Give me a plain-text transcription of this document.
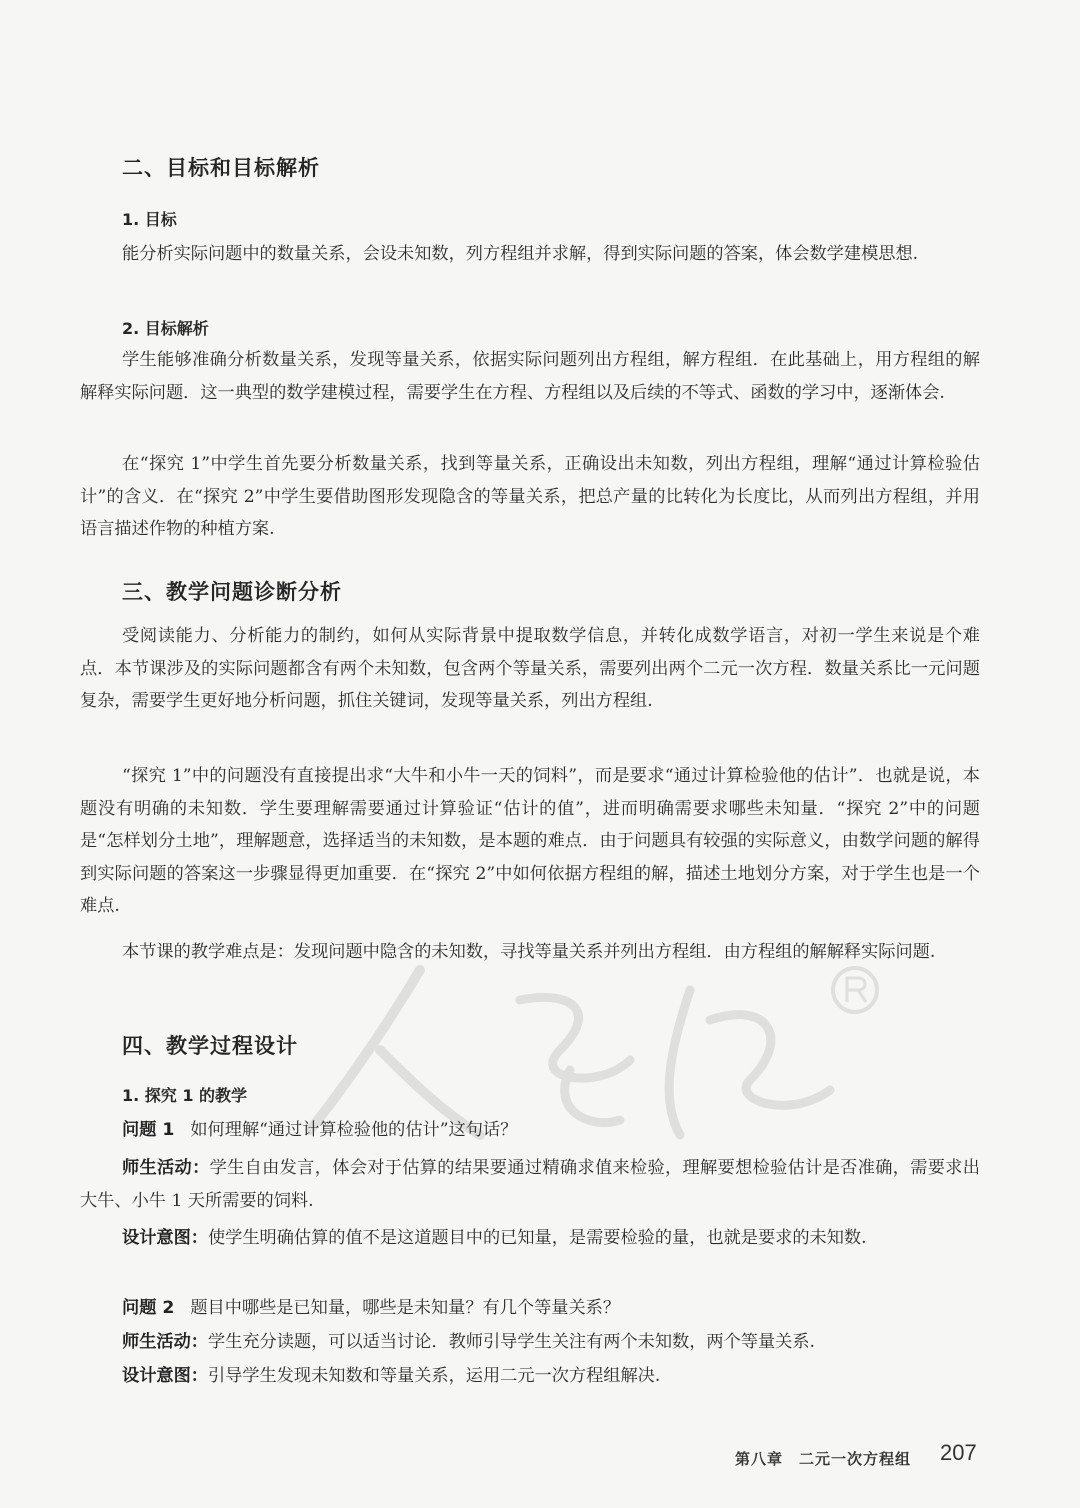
二、目标和目标解析
1. 目标

能分析实际问题中的数量关系，会设未知数，列方程组并求解，得到实际问题的答案，体会数学建模思想.

2. 目标解析

学生能够准确分析数量关系，发现等量关系，依据实际问题列出方程组，解方程组．在此基础上，用方程组的解解释实际问题．这一典型的数学建模过程，需要学生在方程、方程组以及后续的不等式、函数的学习中，逐渐体会.

在“探究 1”中学生首先要分析数量关系，找到等量关系，正确设出未知数，列出方程组，理解“通过计算检验估计”的含义．在“探究 2”中学生要借助图形发现隐含的等量关系，把总产量的比转化为长度比，从而列出方程组，并用语言描述作物的种植方案.

三、教学问题诊断分析

受阅读能力、分析能力的制约，如何从实际背景中提取数学信息，并转化成数学语言，对初一学生来说是个难点．本节课涉及的实际问题都含有两个未知数，包含两个等量关系，需要列出两个二元一次方程．数量关系比一元问题复杂，需要学生更好地分析问题，抓住关键词，发现等量关系，列出方程组.

“探究 1”中的问题没有直接提出求“大牛和小牛一天的饲料”，而是要求“通过计算检验他的估计”．也就是说，本题没有明确的未知数．学生要理解需要通过计算验证“估计的值”，进而明确需要求哪些未知量．“探究 2”中的问题是“怎样划分土地”，理解题意，选择适当的未知数，是本题的难点．由于问题具有较强的实际意义，由数学问题的解得到实际问题的答案这一步骤显得更加重要．在“探究 2”中如何依据方程组的解，描述土地划分方案，对于学生也是一个难点.

本节课的教学难点是：发现问题中隐含的未知数，寻找等量关系并列出方程组．由方程组的解解释实际问题.

四、教学过程设计
1. 探究 1 的教学

问题 1 如何理解“通过计算检验他的估计”这句话？

师生活动：学生自由发言，体会对于估算的结果要通过精确求值来检验，理解要想检验估计是否准确，需要求出大牛、小牛 1 天所需要的饲料.

设计意图：使学生明确估算的值不是这道题目中的已知量，是需要检验的量，也就是要求的未知数.

问题 2 题目中哪些是已知量，哪些是未知量？有几个等量关系？

师生活动：学生充分读题，可以适当讨论．教师引导学生关注有两个未知数，两个等量关系.

设计意图：引导学生发现未知数和等量关系，运用二元一次方程组解决.

第八章　二元一次方程组 207
